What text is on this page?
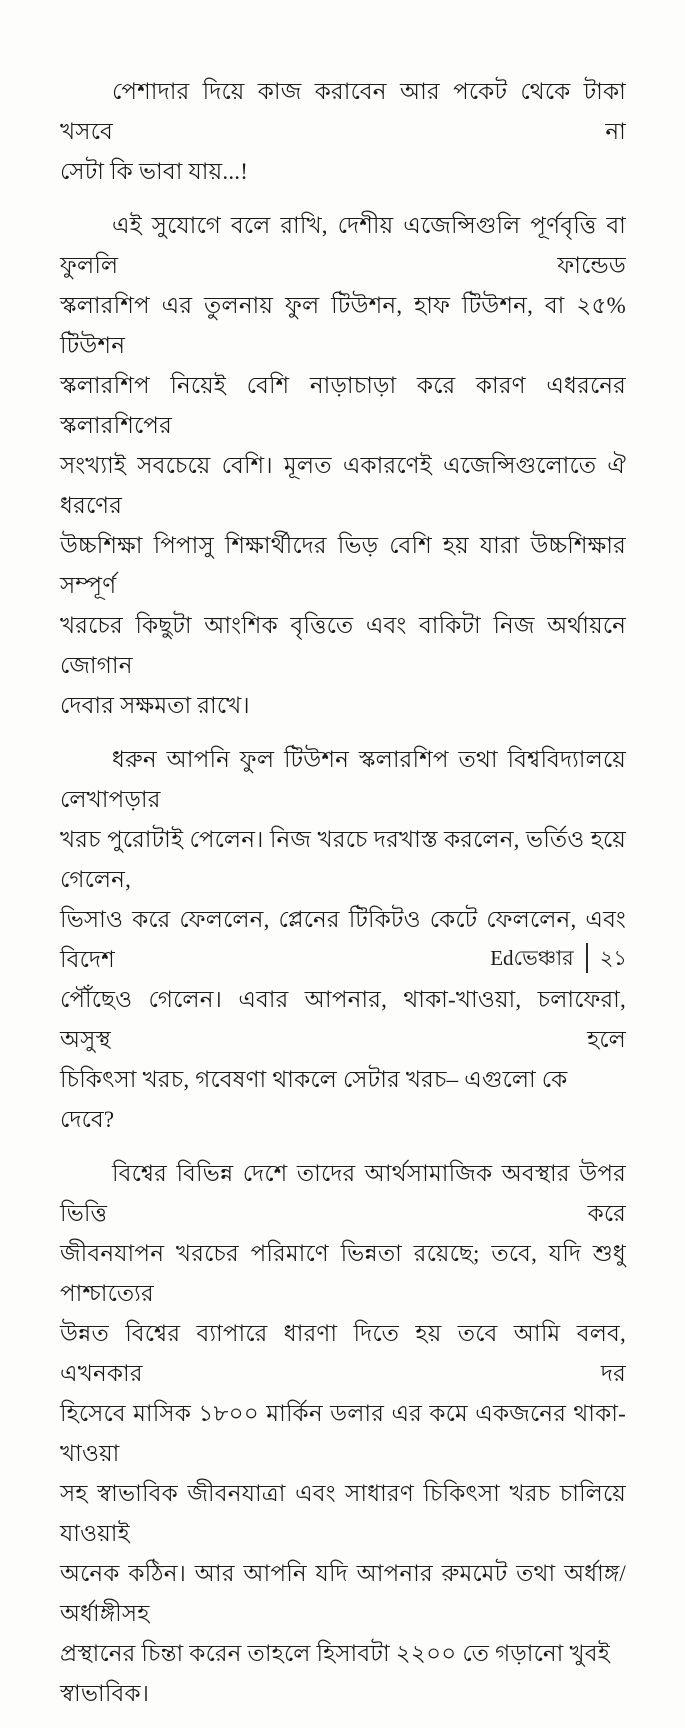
পেশাদার দিয়ে কাজ করাবেন আর পকেট থেকে টাকা খসবে না
সেটা কি ভাবা যায়...!
এই সুযোগে বলে রাখি, দেশীয় এজেন্সিগুলি পূর্ণবৃত্তি বা ফুললি ফান্ডেড
স্কলারশিপ এর তুলনায় ফুল টিউশন, হাফ টিউশন, বা ২৫% টিউশন
স্কলারশিপ নিয়েই বেশি নাড়াচাড়া করে কারণ এধরনের স্কলারশিপের
সংখ্যাই সবচেয়ে বেশি। মূলত একারণেই এজেন্সিগুলোতে ঐ ধরণের
উচ্চশিক্ষা পিপাসু শিক্ষার্থীদের ভিড় বেশি হয় যারা উচ্চশিক্ষার সম্পূর্ণ
খরচের কিছুটা আংশিক বৃত্তিতে এবং বাকিটা নিজ অর্থায়নে জোগান
দেবার সক্ষমতা রাখে।
ধরুন আপনি ফুল টিউশন স্কলারশিপ তথা বিশ্ববিদ্যালয়ে লেখাপড়ার
খরচ পুরোটাই পেলেন। নিজ খরচে দরখাস্ত করলেন, ভর্তিও হয়ে গেলেন,
ভিসাও করে ফেললেন, প্লেনের টিকিটও কেটে ফেললেন, এবং বিদেশ
পৌঁছেও গেলেন। এবার আপনার, থাকা-খাওয়া, চলাফেরা, অসুস্থ হলে
চিকিৎসা খরচ, গবেষণা থাকলে সেটার খরচ– এগুলো কে দেবে?
বিশ্বের বিভিন্ন দেশে তাদের আর্থসামাজিক অবস্থার উপর ভিত্তি করে
জীবনযাপন খরচের পরিমাণে ভিন্নতা রয়েছে; তবে, যদি শুধু পাশ্চাত্যের
উন্নত বিশ্বের ব্যাপারে ধারণা দিতে হয় তবে আমি বলব, এখনকার দর
হিসেবে মাসিক ১৮০০ মার্কিন ডলার এর কমে একজনের থাকা-খাওয়া
সহ স্বাভাবিক জীবনযাত্রা এবং সাধারণ চিকিৎসা খরচ চালিয়ে যাওয়াই
অনেক কঠিন। আর আপনি যদি আপনার রুমমেট তথা অর্ধাঙ্গ/অর্ধাঙ্গীসহ
প্রস্থানের চিন্তা করেন তাহলে হিসাবটা ২২০০ তে গড়ানো খুবই স্বাভাবিক।
Edভেঞ্চার ২১
